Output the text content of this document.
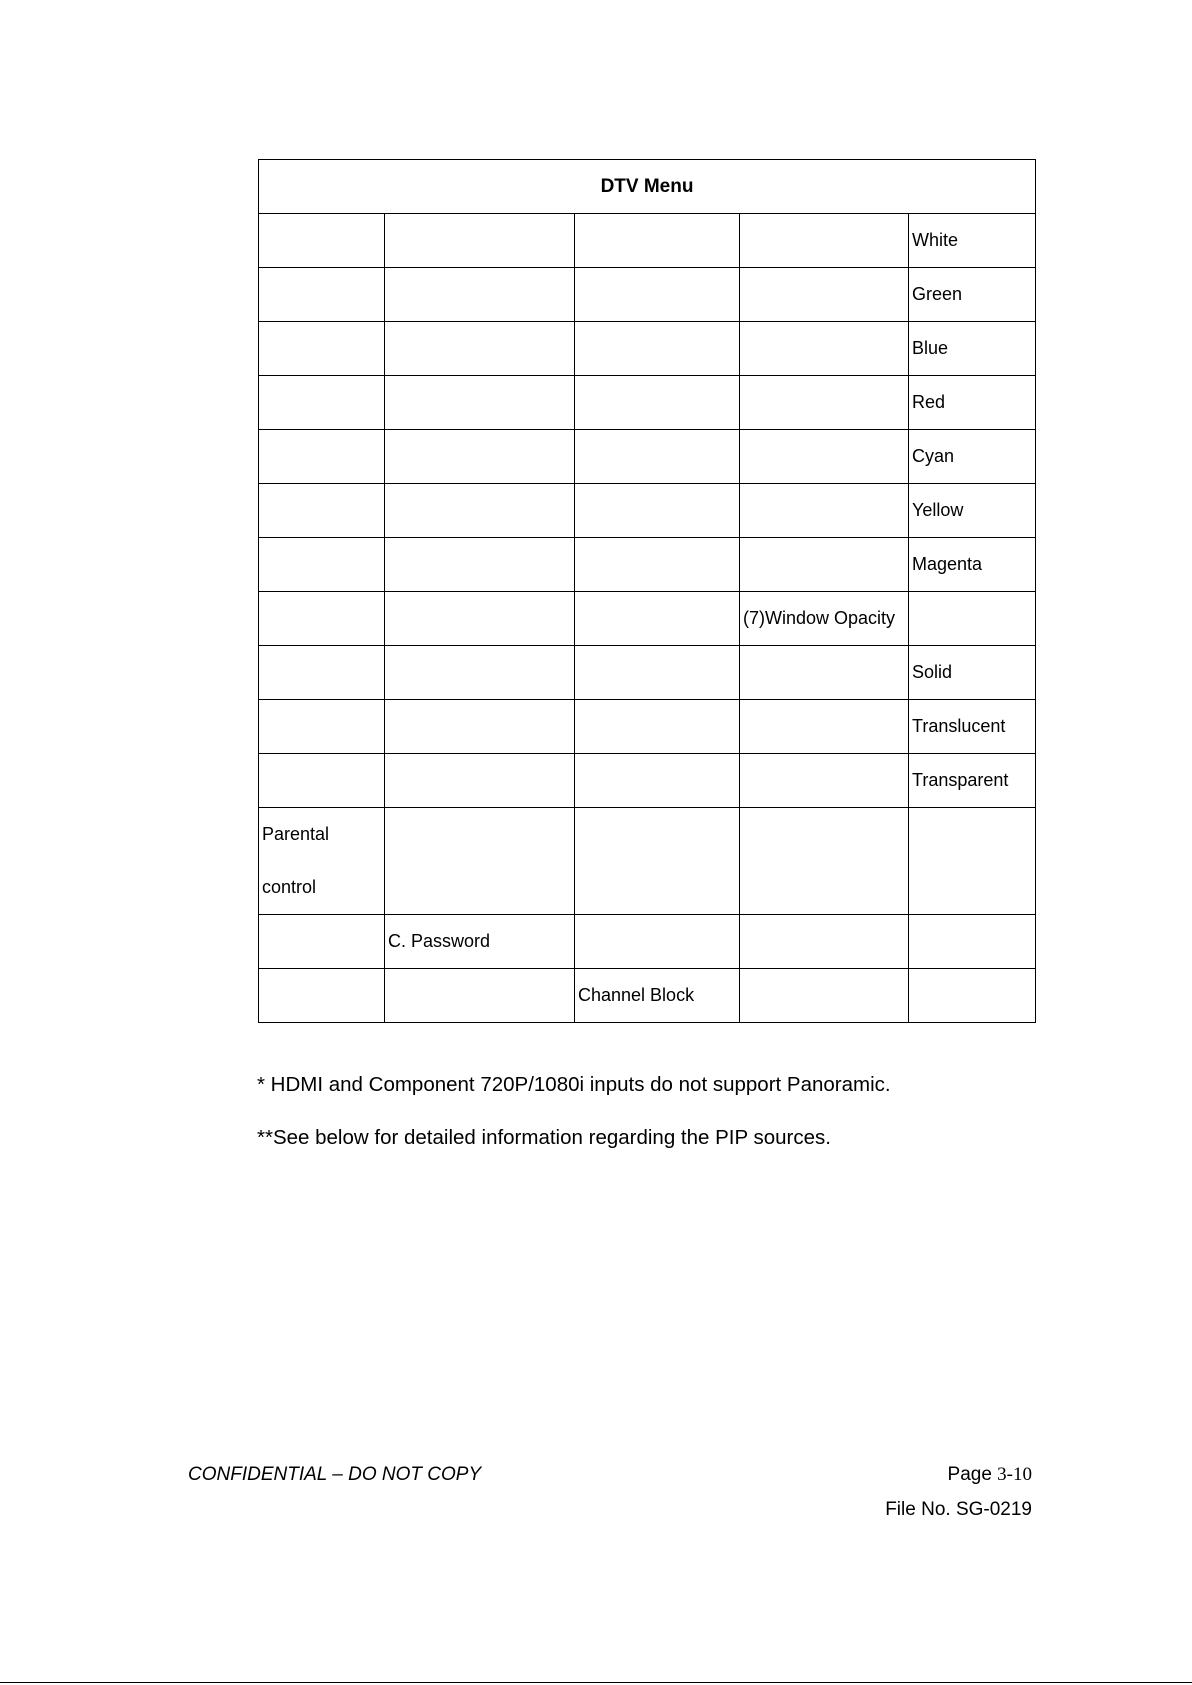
DTV Menu				
				White
				Green
				Blue
				Red
				Cyan
				Yellow
				Magenta
			(7)Window Opacity	
				Solid
				Translucent
				Transparent

Parental
control				

	C. Password			
		Channel Block		

* HDMI and Component 720P/1080i inputs do not support Panoramic.

**See below for detailed information regarding the PIP sources.

CONFIDENTIAL – DO NOT COPY	Page 3-10

File No. SG-0219
